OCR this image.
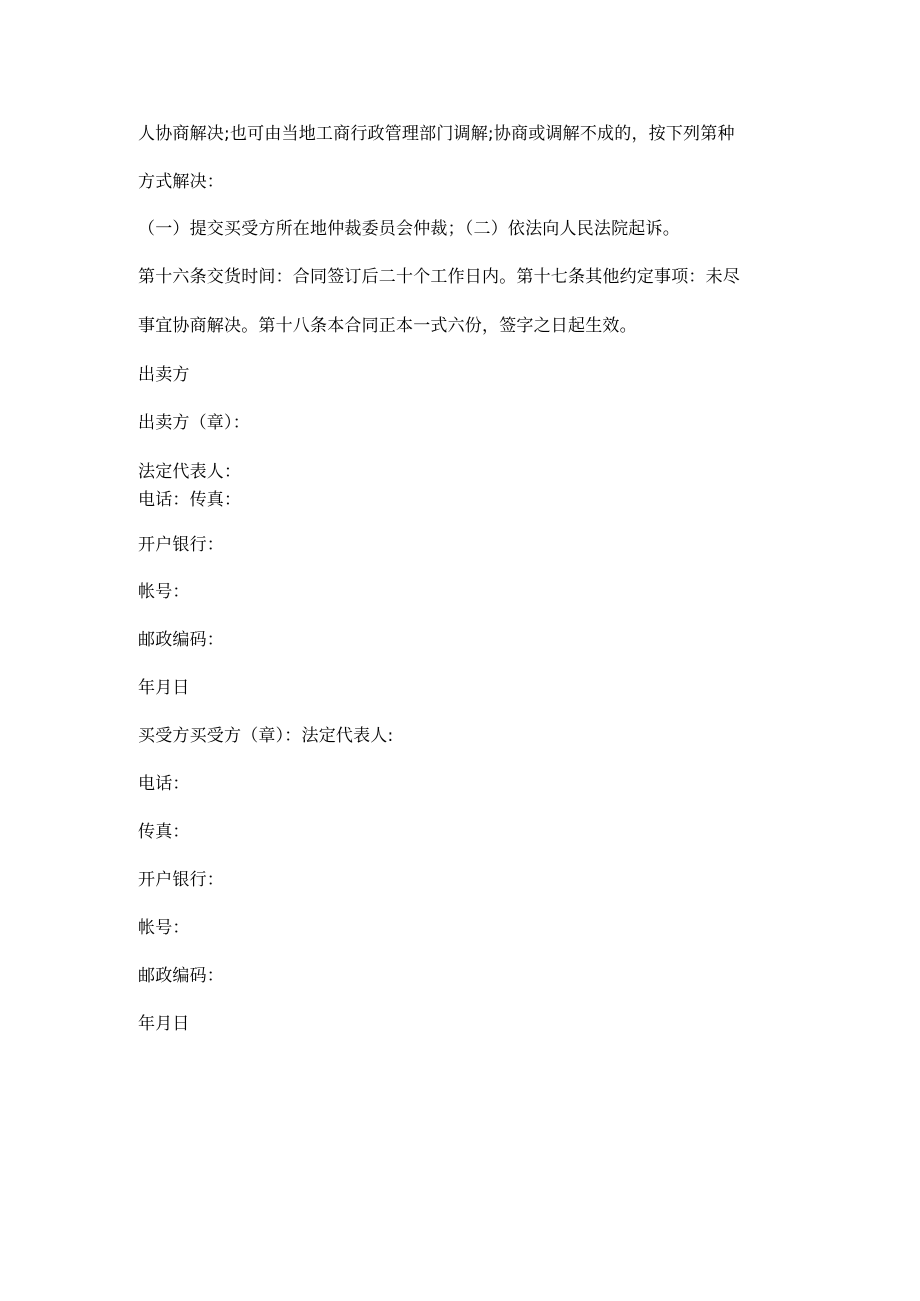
人协商解决;也可由当地工商行政管理部门调解;协商或调解不成的，按下列第种
方式解决：
（一）提交买受方所在地仲裁委员会仲裁；（二）依法向人民法院起诉。
第十六条交货时间：合同签订后二十个工作日内。第十七条其他约定事项：未尽
事宜协商解决。第十八条本合同正本一式六份，签字之日起生效。
出卖方
出卖方（章）：
法定代表人：
电话：传真：
开户银行：
帐号：
邮政编码：
年月日
买受方买受方（章）：法定代表人:
电话：
传真：
开户银行：
帐号：
邮政编码：
年月日
